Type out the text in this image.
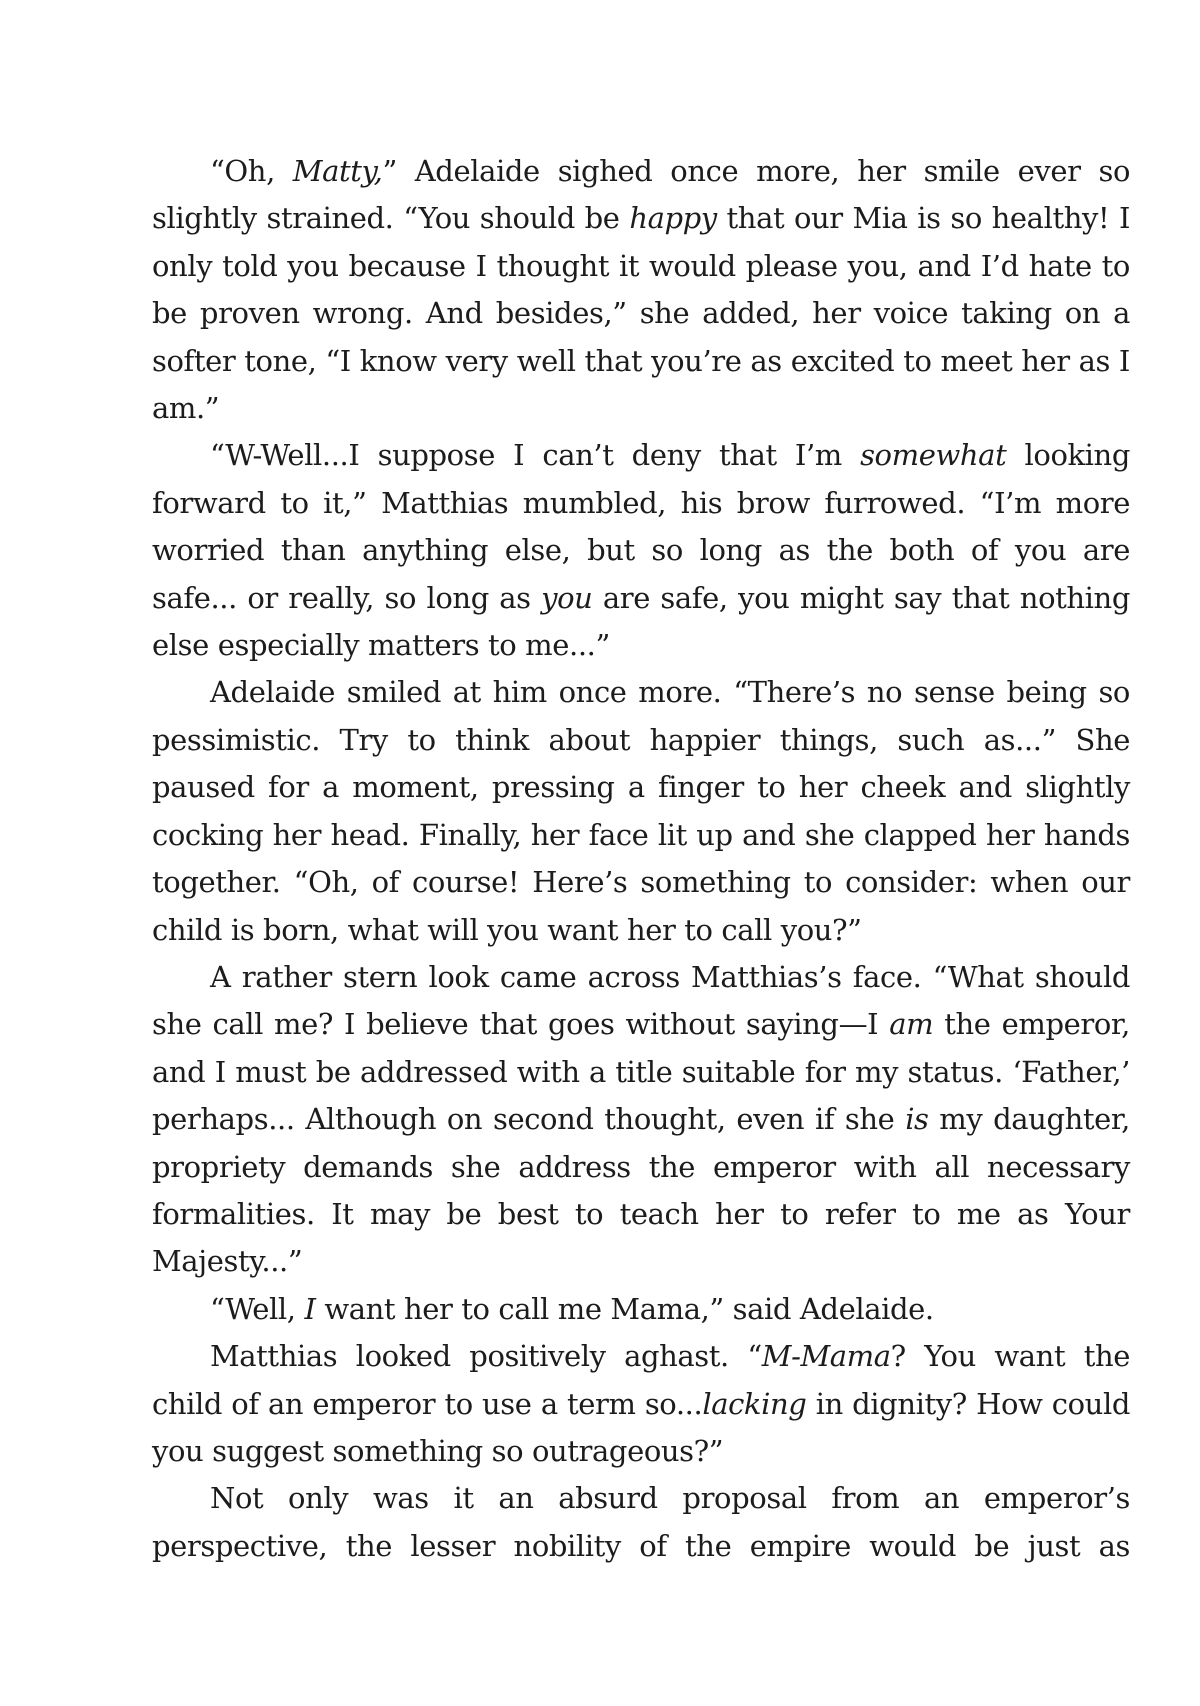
“Oh, Matty,” Adelaide sighed once more, her smile ever so slightly strained. “You should be happy that our Mia is so healthy! I only told you because I thought it would please you, and I’d hate to be proven wrong. And besides,” she added, her voice taking on a softer tone, “I know very well that you’re as excited to meet her as I am.”

“W-Well...I suppose I can’t deny that I’m somewhat looking forward to it,” Matthias mumbled, his brow furrowed. “I’m more worried than anything else, but so long as the both of you are safe... or really, so long as you are safe, you might say that nothing else especially matters to me...”

Adelaide smiled at him once more. “There’s no sense being so pessimistic. Try to think about happier things, such as...” She paused for a moment, pressing a finger to her cheek and slightly cocking her head. Finally, her face lit up and she clapped her hands together. “Oh, of course! Here’s something to consider: when our child is born, what will you want her to call you?”

A rather stern look came across Matthias’s face. “What should she call me? I believe that goes without saying—I am the emperor, and I must be addressed with a title suitable for my status. ‘Father,’ perhaps... Although on second thought, even if she is my daughter, propriety demands she address the emperor with all necessary formalities. It may be best to teach her to refer to me as Your Majesty...”

“Well, I want her to call me Mama,” said Adelaide.

Matthias looked positively aghast. “M-Mama? You want the child of an emperor to use a term so...lacking in dignity? How could you suggest something so outrageous?”

Not only was it an absurd proposal from an emperor’s perspective, the lesser nobility of the empire would be just as
